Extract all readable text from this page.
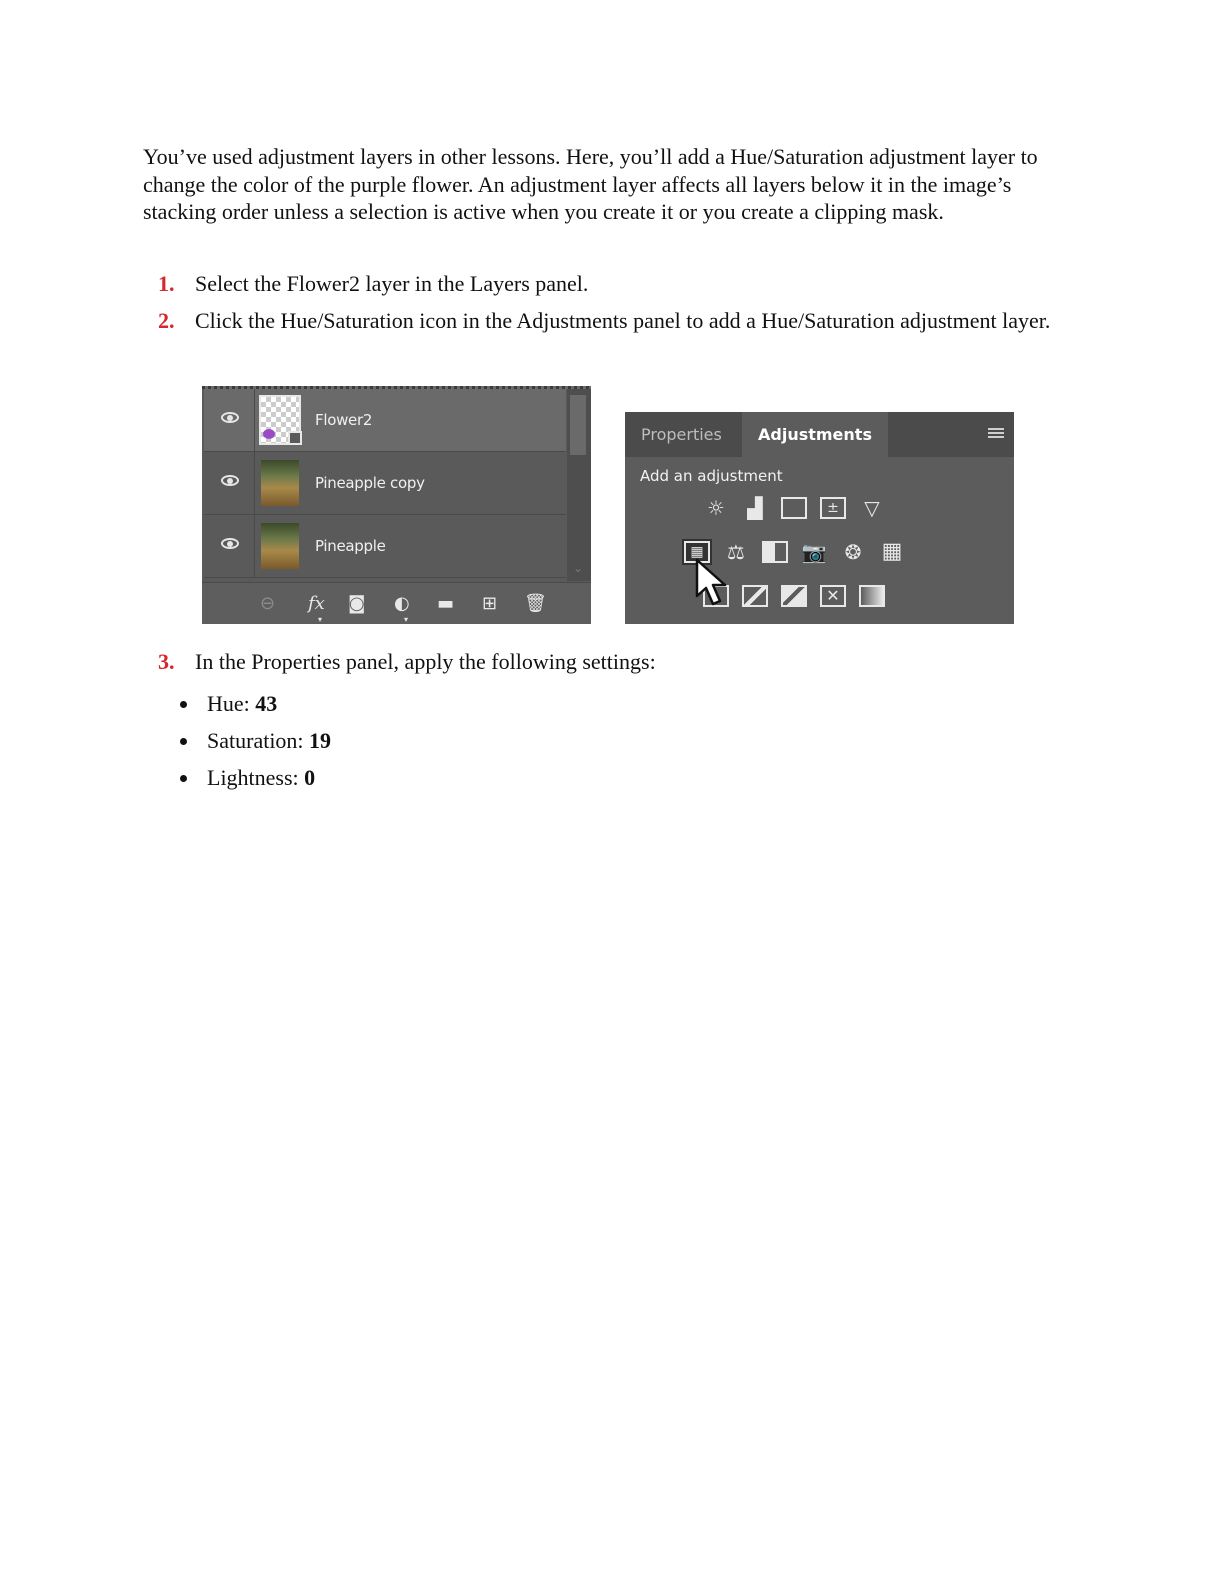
You’ve used adjustment layers in other lessons. Here, you’ll add a Hue/Saturation adjustment layer to change the color of the purple flower. An adjustment layer affects all layers below it in the image’s stacking order unless a selection is active when you create it or you create a clipping mask.

1. Select the Flower2 layer in the Layers panel.
2. Click the Hue/Saturation icon in the Adjustments panel to add a Hue/Saturation adjustment layer.
Flower2
Pineapple copy
Pineapple
⌄
⊖ fx
▾
◙ ◐
▾
▬ ⊞ 🗑
Properties	Adjustments
Add an adjustment
☼ ▟	±	▽
▦	⚖	📷 ❂ ▦
✕
3. In the Properties panel, apply the following settings:
Hue: 43
Saturation: 19
Lightness: 0
